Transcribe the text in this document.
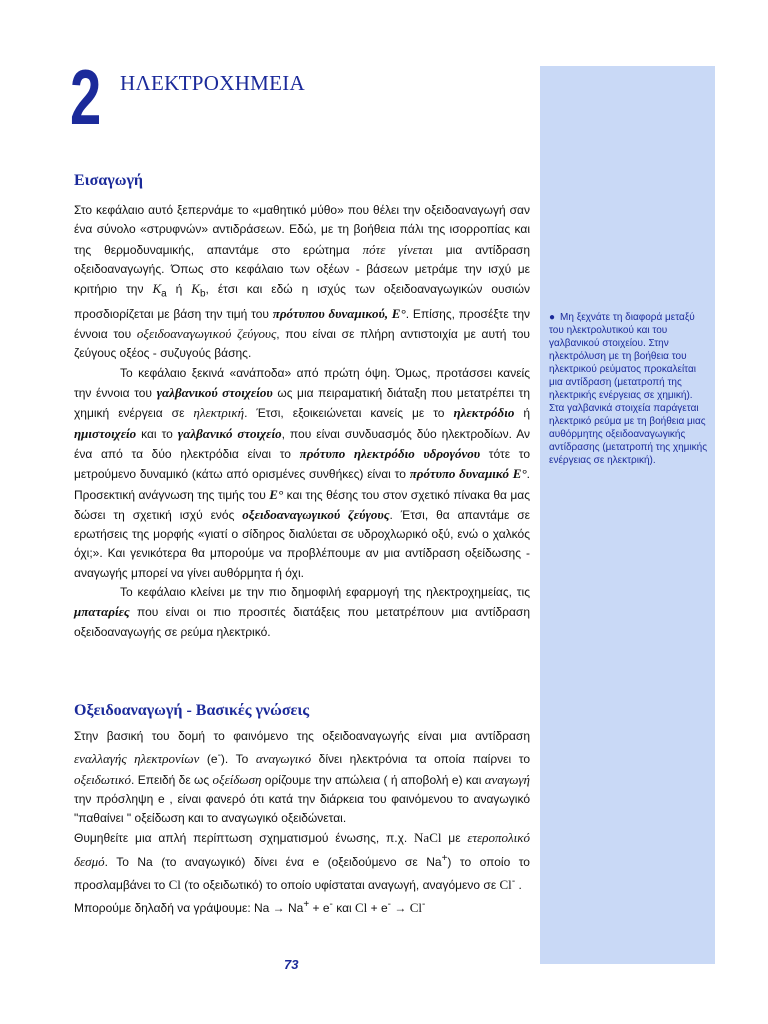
2 ΗΛΕΚΤΡΟΧΗΜΕΙΑ
Εισαγωγή

Στο κεφάλαιο αυτό ξεπερνάμε το «μαθητικό μύθο» που θέλει την οξειδοαναγωγή σαν ένα σύνολο «στρυφνών» αντιδράσεων. Εδώ, με τη βοήθεια πάλι της ισορροπίας και της θερμοδυναμικής, απαντάμε στο ερώτημα πότε γίνεται μια αντίδραση οξειδοαναγωγής. Όπως στο κεφάλαιο των οξέων - βάσεων μετράμε την ισχύ με κριτήριο την $K_a$ ή $K_b$, έτσι και εδώ η ισχύς των οξειδοαναγωγικών ουσιών προσδιορίζεται με βάση την τιμή του πρότυπου δυναμικού, E°. Επίσης, προσέξτε την έννοια του οξειδοαναγωγικού ζεύγους, που είναι σε πλήρη αντιστοιχία με αυτή του ζεύγους οξέος - συζυγούς βάσης.

Το κεφάλαιο ξεκινά «ανάποδα» από πρώτη όψη. Όμως, προτάσσει κανείς την έννοια του γαλβανικού στοιχείου ως μια πειραματική διάταξη που μετατρέπει τη χημική ενέργεια σε ηλεκτρική. Έτσι, εξοικειώνεται κανείς με το ηλεκτρόδιο ή ημιστοιχείο και το γαλβανικό στοιχείο, που είναι συνδυασμός δύο ηλεκτροδίων. Αν ένα από τα δύο ηλεκτρόδια είναι το πρότυπο ηλεκτρόδιο υδρογόνου τότε το μετρούμενο δυναμικό (κάτω από ορισμένες συνθήκες) είναι το πρότυπο δυναμικό E°. Προσεκτική ανάγνωση της τιμής του E° και της θέσης του στον σχετικό πίνακα θα μας δώσει τη σχετική ισχύ ενός οξειδοαναγωγικού ζεύγους. Έτσι, θα απαντάμε σε ερωτήσεις της μορφής «γιατί ο σίδηρος διαλύεται σε υδροχλωρικό οξύ, ενώ ο χαλκός όχι;». Και γενικότερα θα μπορούμε να προβλέπουμε αν μια αντίδραση οξείδωσης - αναγωγής μπορεί να γίνει αυθόρμητα ή όχι.

Το κεφάλαιο κλείνει με την πιο δημοφιλή εφαρμογή της ηλεκτροχημείας, τις μπαταρίες που είναι οι πιο προσιτές διατάξεις που μετατρέπουν μια αντίδραση οξειδοαναγωγής σε ρεύμα ηλεκτρικό.

Οξειδοαναγωγή - Βασικές γνώσεις

Στην βασική του δομή το φαινόμενο της οξειδοαναγωγής είναι μια αντίδραση εναλλαγής ηλεκτρονίων (e-). Το αναγωγικό δίνει ηλεκτρόνια τα οποία παίρνει το οξειδωτικό. Επειδή δε ως οξείδωση ορίζουμε την απώλεια ( ή αποβολή e) και αναγωγή την πρόσληψη e , είναι φανερό ότι κατά την διάρκεια του φαινόμενου το αναγωγικό "παθαίνει " οξείδωση και το αναγωγικό οξειδώνεται.

Θυμηθείτε μια απλή περίπτωση σχηματισμού ένωσης, π.χ. NaCl με ετεροπολικό δεσμό. Το Na (το αναγωγικό) δίνει ένα e (οξειδούμενο σε Na+) το οποίο το προσλαμβάνει το Cl (το οξειδωτικό) το οποίο υφίσταται αναγωγή, αναγόμενο σε Cl- .

Μπορούμε δηλαδή να γράψουμε: Na → Na+ + e- και Cl + e- → Cl-

● Μη ξεχνάτε τη διαφορά μεταξύ του ηλεκτρολυτικού και του γαλβανικού στοιχείου. Στην ηλεκτρόλυση με τη βοήθεια του ηλεκτρικού ρεύματος προκαλείται μια αντίδραση (μετατροπή της ηλεκτρικής ενέργειας σε χημική). Στα γαλβανικά στοιχεία παράγεται ηλεκτρικό ρεύμα με τη βοήθεια μιας αυθόρμητης οξειδοαναγωγικής αντίδρασης (μετατροπή της χημικής ενέργειας σε ηλεκτρική).
73
